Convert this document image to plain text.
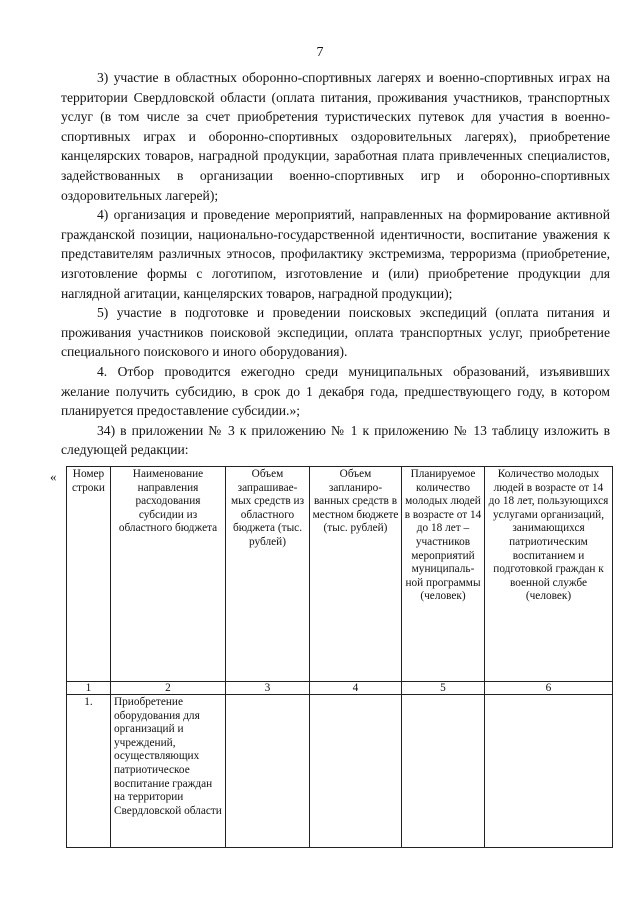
7

3) участие в областных оборонно-спортивных лагерях и военно-спортивных играх на территории Свердловской области (оплата питания, проживания участников, транспортных услуг (в том числе за счет приобретения туристических путевок для участия в военно-спортивных играх и оборонно-спортивных оздоровительных лагерях), приобретение канцелярских товаров, наградной продукции, заработная плата привлеченных специалистов, задействованных в организации военно-спортивных игр и оборонно-спортивных оздоровительных лагерей);

4) организация и проведение мероприятий, направленных на формирование активной гражданской позиции, национально-государственной идентичности, воспитание уважения к представителям различных этносов, профилактику экстремизма, терроризма (приобретение, изготовление формы с логотипом, изготовление и (или) приобретение продукции для наглядной агитации, канцелярских товаров, наградной продукции);

5) участие в подготовке и проведении поисковых экспедиций (оплата питания и проживания участников поисковой экспедиции, оплата транспортных услуг, приобретение специального поискового и иного оборудования).

4. Отбор проводится ежегодно среди муниципальных образований, изъявивших желание получить субсидию, в срок до 1 декабря года, предшествующего году, в котором планируется предоставление субсидии.»;

34) в приложении № 3 к приложению № 1 к приложению № 13 таблицу изложить в следующей редакции:

« Номер строки	Наименование направления расходования субсидии из областного бюджета	Объем запрашивае-мых средств из областного бюджета (тыс. рублей)	Объем запланиро-ванных средств в местном бюджете (тыс. рублей)	Планируемое количество молодых людей в возрасте от 14 до 18 лет – участников мероприятий муниципаль-ной программы (человек)	Количество молодых людей в возрасте от 14 до 18 лет, пользующихся услугами организаций, занимающихся патриотическим воспитанием и подготовкой граждан к военной службе (человек)
1	2	3	4	5	6
1.	Приобретение оборудования для организаций и учреждений, осуществляющих патриотическое воспитание граждан на территории Свердловской области				
